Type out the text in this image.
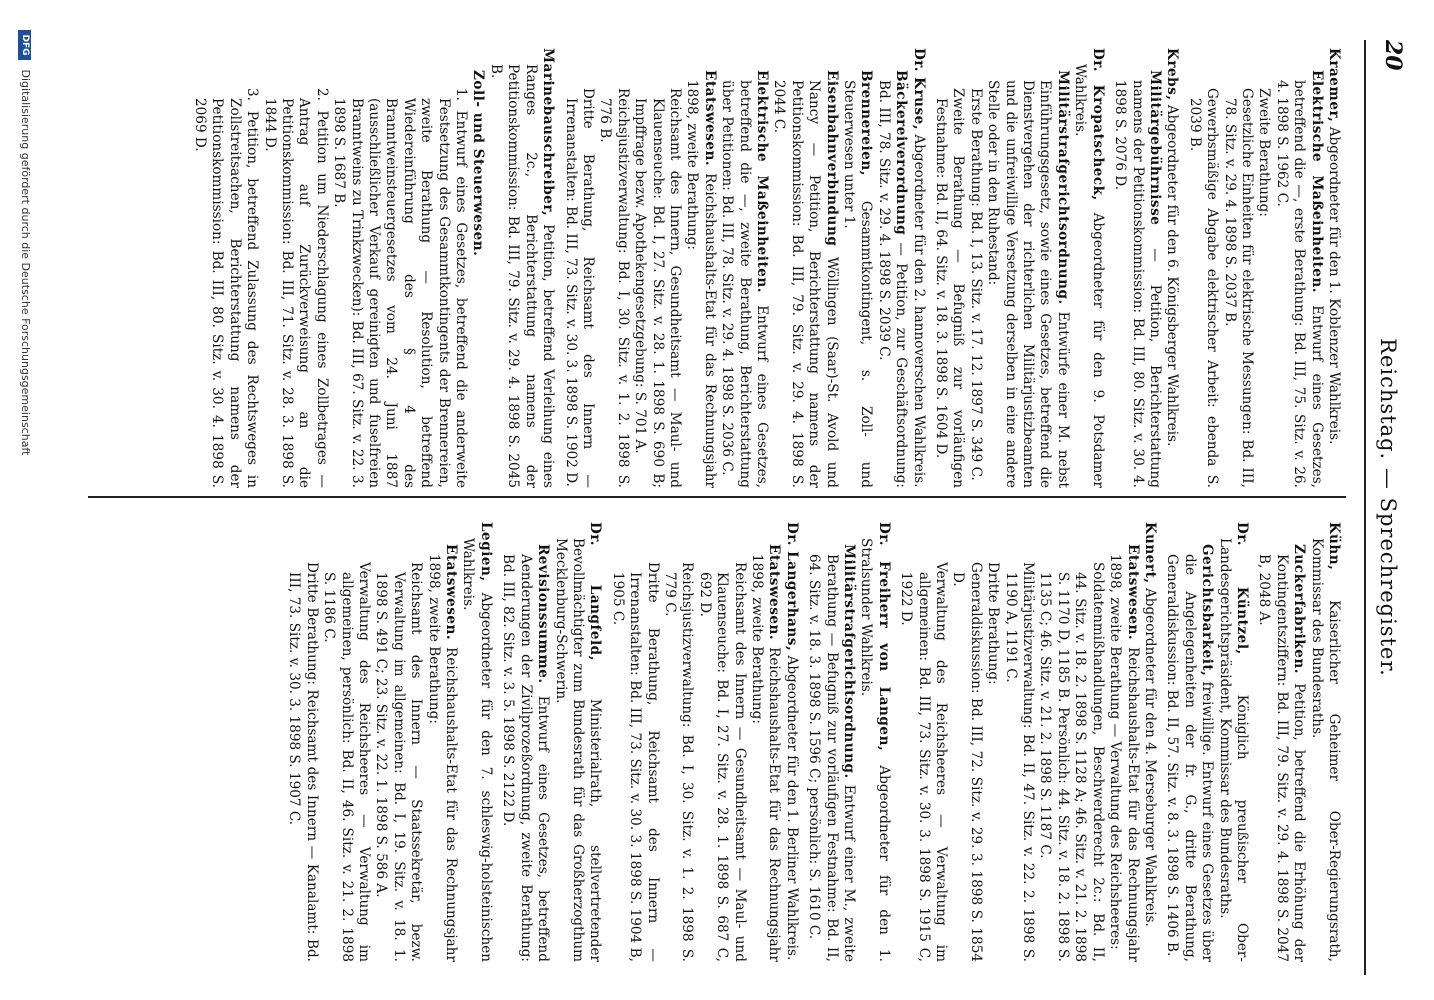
20
Reichstag. — Sprechregister.

Kraemer, Abgeordneter für den 1. Koblenzer Wahlkreis.

Elektrische Maßeinheiten. Entwurf eines Gesetzes, betreffend die —, erste Berathung: Bd. III, 75. Sitz. v. 26. 4. 1898 S. 1962 C.
Zweite Berathung:
Gesetzliche Einheiten für elektrische Messungen: Bd. III, 78. Sitz. v. 29. 4. 1898 S. 2037 B.
Gewerbsmäßige Abgabe elektrischer Arbeit: ebenda S. 2039 B.

Krebs, Abgeordneter für den 6. Königsberger Wahlkreis.

Militärgebührnisse — Petition, Berichterstattung namens der Petitionskommission: Bd. III, 80. Sitz. v. 30. 4. 1898 S. 2076 D.

Dr. Kropatscheck, Abgeordneter für den 9. Potsdamer Wahlkreis.

Militärstrafgerichtsordnung. Entwürfe einer M. nebst Einführungsgesetz, sowie eines Gesetzes, betreffend die Dienstvergehen der richterlichen Militärjustizbeamten und die unfreiwillige Versetzung derselben in eine andere Stelle oder in den Ruhestand:
Erste Berathung: Bd. I, 13. Sitz. v. 17. 12. 1897 S. 349 C.
Zweite Berathung — Befugniß zur vorläufigen Festnahme: Bd. II, 64. Sitz. v. 18. 3. 1898 S. 1604 D.

Dr. Kruse, Abgeordneter für den 2. hannoverschen Wahlkreis.

Bäckereiverordnung — Petition, zur Geschäftsordnung: Bd. III, 78. Sitz. v. 29. 4. 1898 S. 2039 C.
Brennereien, Gesammtkontingent, s. Zoll- und Steuerwesen unter 1.
Eisenbahnverbindung Wöllingen (Saar)-St. Avold und Nancy — Petition, Berichterstattung namens der Petitionskommission: Bd. III, 79. Sitz. v. 29. 4. 1898 S. 2044 C.
Elektrische Maßeinheiten. Entwurf eines Gesetzes, betreffend die —, zweite Berathung, Berichterstattung über Petitionen: Bd. III, 78. Sitz. v. 29. 4. 1898 S. 2036 C.
Etatswesen. Reichshaushalts-Etat für das Rechnungsjahr 1898, zweite Berathung:
Reichsamt des Innern, Gesundheitsamt — Maul- und Klauenseuche: Bd. I, 27. Sitz. v. 28. 1. 1898 S. 690 B; Impffrage bezw. Apothekengesetzgebung: S. 701 A.
Reichsjustizverwaltung: Bd. I, 30. Sitz. v. 1. 2. 1898 S. 776 B.
Dritte Berathung, Reichsamt des Innern — Irrenanstalten: Bd. III, 73. Sitz. v. 30. 3. 1898 S. 1902 D.

Marinebauschreiber, Petition, betreffend Verleihung eines Ranges 2c., Berichterstattung namens der Petitionskommission: Bd. III, 79. Sitz. v. 29. 4. 1898 S. 2045 B.

Zoll- und Steuerwesen.
1. Entwurf eines Gesetzes, betreffend die anderweite Festsetzung des Gesammtkontingents der Brennereien, zweite Berathung — Resolution, betreffend Wiedereinführung des § 4 des Branntweinsteuergesetzes vom 24. Juni 1887 (ausschließlicher Verkauf gereinigten und fuselfreien Branntweins zu Trinkzwecken): Bd. III, 67. Sitz. v. 22. 3. 1898 S. 1687 B.
2. Petition um Niederschlagung eines Zollbetrages — Antrag auf Zurückverweisung an die Petitionskommission: Bd. III, 71. Sitz. v. 28. 3. 1898 S. 1844 D.
3. Petition, betreffend Zulassung des Rechtsweges in Zollstreitsachen, Berichterstattung namens der Petitionskommission: Bd. III, 80. Sitz. v. 30. 4. 1898 S. 2069 D.

Kühn, Kaiserlicher Geheimer Ober-Regierungsrath, Kommissar des Bundesraths.

Zuckerfabriken. Petition, betreffend die Erhöhung der Kontingentsziffern: Bd. III, 79. Sitz. v. 29. 4. 1898 S. 2047 B, 2048 A.

Dr. Küntzel, Königlich preußischer Ober-Landesgerichtspräsident, Kommissar des Bundesraths.

Gerichtsbarkeit, freiwillige. Entwurf eines Gesetzes über die Angelegenheiten der fr. G., dritte Berathung, Generaldiskussion: Bd. II, 57. Sitz. v. 8. 3. 1898 S. 1406 B.

Kunert, Abgeordneter für den 4. Merseburger Wahlkreis.

Etatswesen. Reichshaushalts-Etat für das Rechnungsjahr 1898, zweite Berathung — Verwaltung des Reichsheeres:
Soldatenmißhandlungen, Beschwerderecht 2c.: Bd. II, 44. Sitz. v. 18. 2. 1898 S. 1128 A; 46. Sitz. v. 21. 2. 1898 S. 1170 D, 1185 B. Persönlich: 44. Sitz. v. 18. 2. 1898 S. 1135 C; 46. Sitz. v. 21. 2. 1898 S. 1187 C.
Militärjustizverwaltung: Bd. II, 47. Sitz. v. 22. 2. 1898 S. 1190 A, 1191 C.
Dritte Berathung:
Generaldiskussion: Bd. III, 72. Sitz. v. 29. 3. 1898 S. 1854 D.
Verwaltung des Reichsheeres — Verwaltung im allgemeinen: Bd. III, 73. Sitz. v. 30. 3. 1898 S. 1915 C, 1922 D.

Dr. Freiherr von Langen, Abgeordneter für den 1. Stralsunder Wahlkreis.

Militärstrafgerichtsordnung. Entwurf einer M., zweite Berathung — Befugniß zur vorläufigen Festnahme: Bd. II, 64. Sitz. v. 18. 3. 1898 S. 1596 C; persönlich: S. 1610 C.

Dr. Langerhans, Abgeordneter für den 1. Berliner Wahlkreis.

Etatswesen. Reichshaushalts-Etat für das Rechnungsjahr 1898, zweite Berathung:
Reichsamt des Innern — Gesundheitsamt — Maul- und Klauenseuche: Bd. I, 27. Sitz. v. 28. 1. 1898 S. 687 C, 692 D.
Reichsjustizverwaltung: Bd. I, 30. Sitz. v. 1. 2. 1898 S. 779 C.
Dritte Berathung, Reichsamt des Innern — Irrenanstalten: Bd. III, 73. Sitz. v. 30. 3. 1898 S. 1904 B, 1905 C.

Dr. Langfeld, Ministerialrath, stellvertretender Bevollmächtigter zum Bundesrath für das Großherzogthum Mecklenburg-Schwerin.

Revisionssumme. Entwurf eines Gesetzes, betreffend Aenderungen der Zivilprozeßordnung, zweite Berathung: Bd. III, 82. Sitz. v. 3. 5. 1898 S. 2122 D.

Legien, Abgeordneter für den 7. schleswig-holsteinischen Wahlkreis.

Etatswesen. Reichshaushalts-Etat für das Rechnungsjahr 1898, zweite Berathung:
Reichsamt des Innern — Staatssekretär, bezw. Verwaltung im allgemeinen: Bd. I, 19. Sitz. v. 18. 1. 1898 S. 491 C; 23. Sitz. v. 22. 1. 1898 S. 586 A.
Verwaltung des Reichsheeres — Verwaltung im allgemeinen, persönlich: Bd. II, 46. Sitz. v. 21. 2. 1898 S. 1186 C.
Dritte Berathung: Reichsamt des Innern — Kanalamt: Bd. III, 73. Sitz. v. 30. 3. 1898 S. 1907 C.
DFG Digitalisierung gefördert durch die Deutsche Forschungsgemeinschaft
